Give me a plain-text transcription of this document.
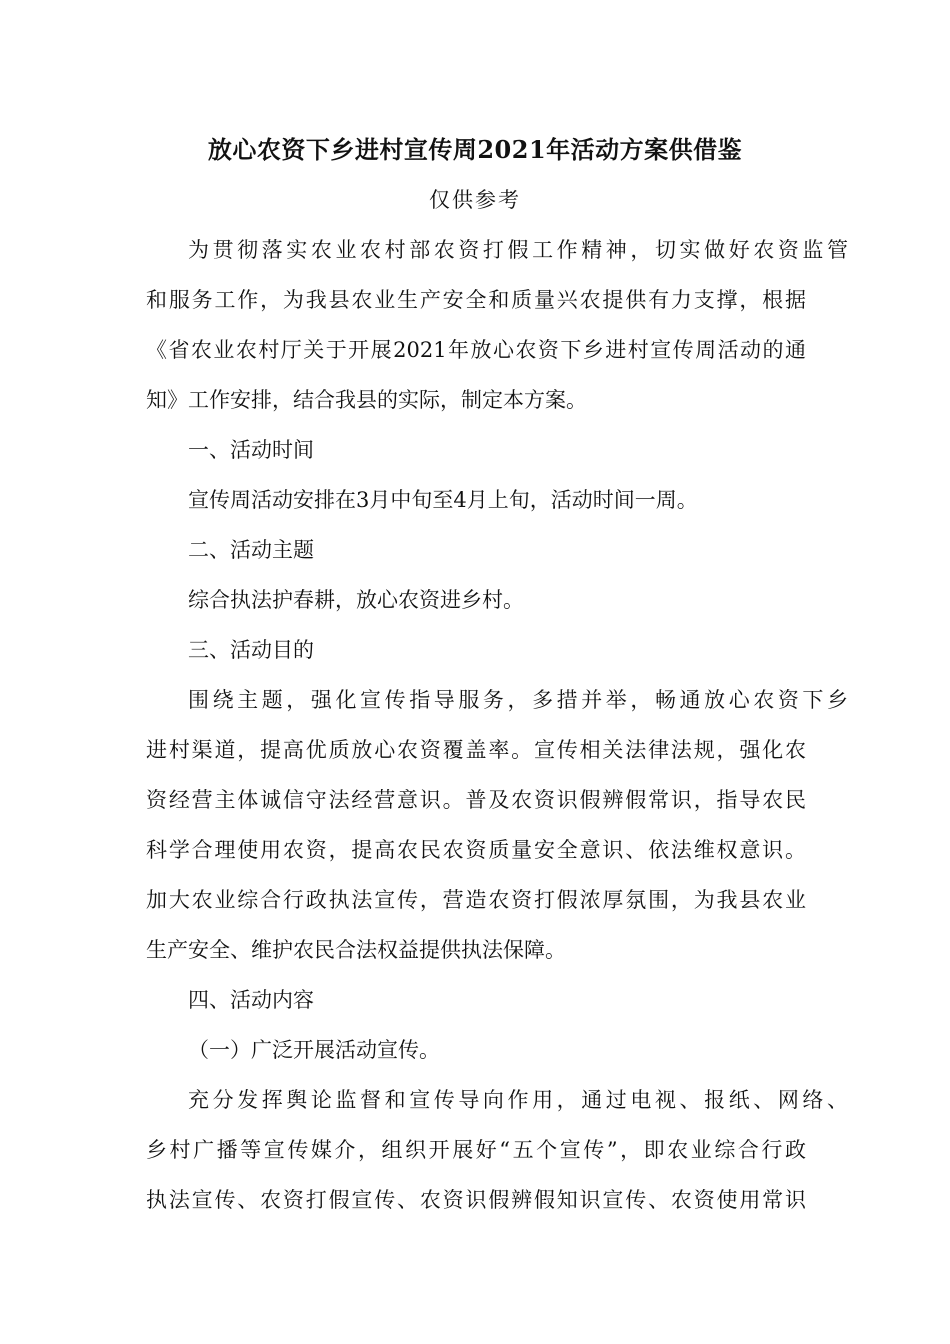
放心农资下乡进村宣传周2021年活动方案供借鉴
仅供参考
为贯彻落实农业农村部农资打假工作精神，切实做好农资监管
和服务工作，为我县农业生产安全和质量兴农提供有力支撑，根据
《省农业农村厅关于开展2021年放心农资下乡进村宣传周活动的通
知》工作安排，结合我县的实际，制定本方案。
一、活动时间
宣传周活动安排在3月中旬至4月上旬，活动时间一周。
二、活动主题
综合执法护春耕，放心农资进乡村。
三、活动目的
围绕主题，强化宣传指导服务，多措并举，畅通放心农资下乡
进村渠道，提高优质放心农资覆盖率。宣传相关法律法规，强化农
资经营主体诚信守法经营意识。普及农资识假辨假常识，指导农民
科学合理使用农资，提高农民农资质量安全意识、依法维权意识。
加大农业综合行政执法宣传，营造农资打假浓厚氛围，为我县农业
生产安全、维护农民合法权益提供执法保障。
四、活动内容
（一）广泛开展活动宣传。
充分发挥舆论监督和宣传导向作用，通过电视、报纸、网络、
乡村广播等宣传媒介，组织开展好“五个宣传”，即农业综合行政
执法宣传、农资打假宣传、农资识假辨假知识宣传、农资使用常识
